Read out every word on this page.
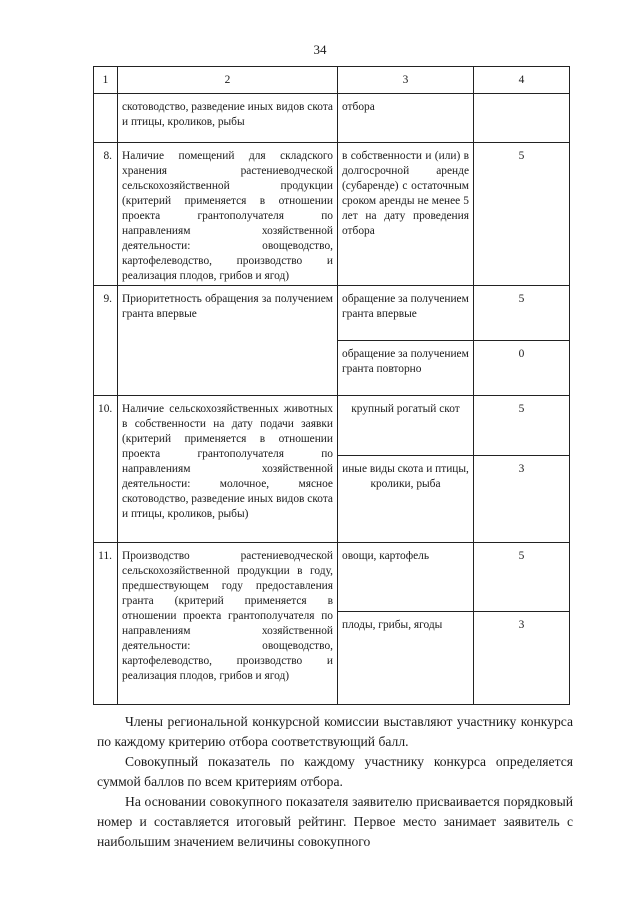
34
1	2	3	4
	скотоводство, разведение иных видов скота и птицы, кроликов, рыбы	отбора	
8.	Наличие помещений для складского хранения растениеводческой сельскохозяйственной продукции (критерий применяется в отношении проекта грантополучателя по направлениям хозяйственной деятельности: овощеводство, картофелеводство, производство и реализация плодов, грибов и ягод)	в собственности и (или) в долгосрочной аренде (субаренде) с остаточным сроком аренды не менее 5 лет на дату проведения отбора	5
9.	Приоритетность обращения за получением гранта впервые	обращение за получением гранта впервые	5
		обращение за получением гранта повторно	0
10.	Наличие сельскохозяйственных животных в собственности на дату подачи заявки (критерий применяется в отношении проекта грантополучателя по направлениям хозяйственной деятельности: молочное, мясное скотоводство, разведение иных видов скота и птицы, кроликов, рыбы)	крупный рогатый скот	5
		иные виды скота и птицы, кролики, рыба	3
11.	Производство растениеводческой сельскохозяйственной продукции в году, предшествующем году предоставления гранта (критерий применяется в отношении проекта грантополучателя по направлениям хозяйственной деятельности: овощеводство, картофелеводство, производство и реализация плодов, грибов и ягод)	овощи, картофель	5
		плоды, грибы, ягоды	3

Члены региональной конкурсной комиссии выставляют участнику конкурса по каждому критерию отбора соответствующий балл.

Совокупный показатель по каждому участнику конкурса определяется суммой баллов по всем критериям отбора.

На основании совокупного показателя заявителю присваивается порядковый номер и составляется итоговый рейтинг. Первое место занимает заявитель с наибольшим значением величины совокупного
